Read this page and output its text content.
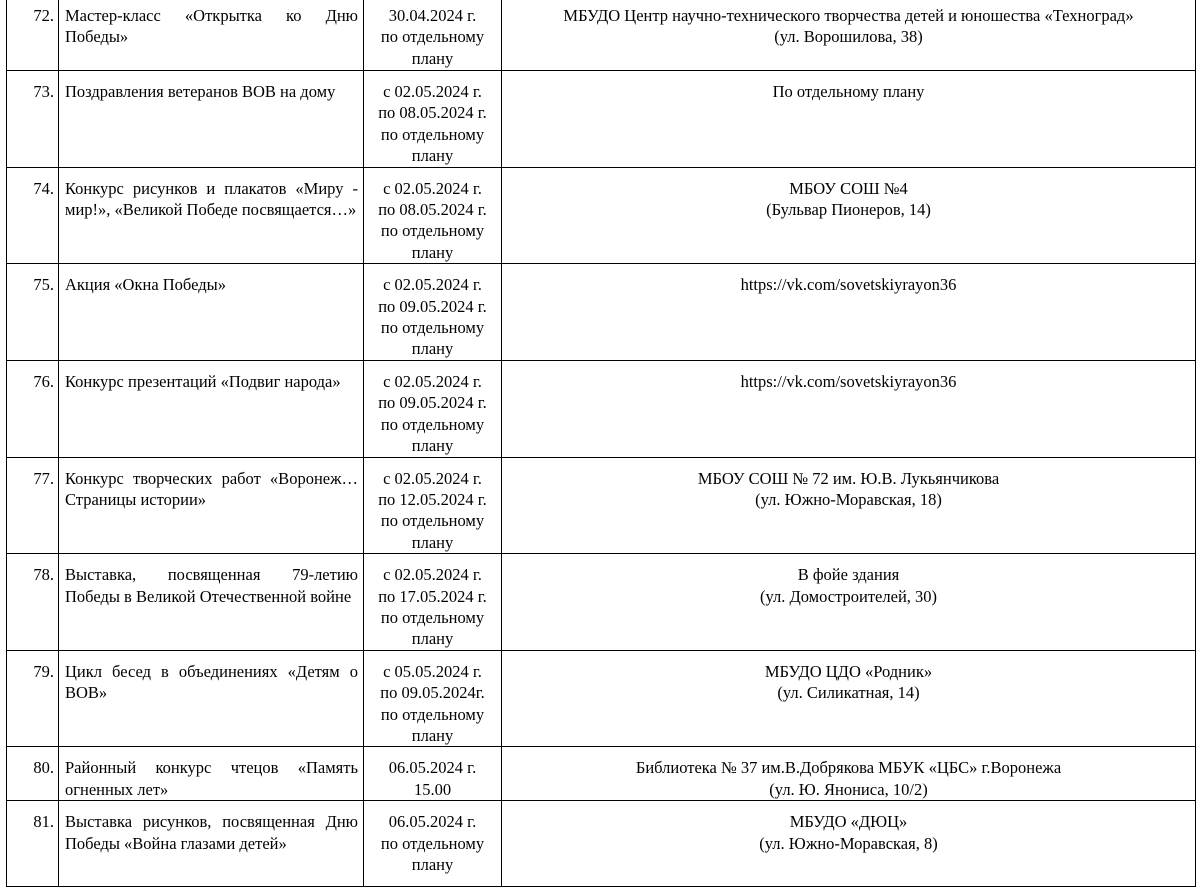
72.	Мастер-класс «Открытка ко Дню Победы»	30.04.2024 г.
по отдельному
плану	МБУДО Центр научно-технического творчества детей и юношества «Техноград»
(ул. Ворошилова, 38)

73.	Поздравления ветеранов ВОВ на дому	с 02.05.2024 г.
по 08.05.2024 г.
по отдельному
плану	По отдельному плану

74.	Конкурс рисунков и плакатов «Миру - мир!», «Великой Победе посвящается…»	с 02.05.2024 г.
по 08.05.2024 г.
по отдельному
плану	МБОУ СОШ №4
(Бульвар Пионеров, 14)

75.	Акция «Окна Победы»	с 02.05.2024 г.
по 09.05.2024 г.
по отдельному
плану	https://vk.com/sovetskiyrayon36

76.	Конкурс презентаций «Подвиг народа»	с 02.05.2024 г.
по 09.05.2024 г.
по отдельному
плану	https://vk.com/sovetskiyrayon36

77.	Конкурс творческих работ «Воронеж…Страницы истории»	с 02.05.2024 г.
по 12.05.2024 г.
по отдельному
плану	МБОУ СОШ № 72 им. Ю.В. Лукьянчикова
(ул. Южно-Моравская, 18)

78.	Выставка, посвященная 79-летию Победы в Великой Отечественной войне	с 02.05.2024 г.
по 17.05.2024 г.
по отдельному
плану	В фойе здания
(ул. Домостроителей, 30)

79.	Цикл бесед в объединениях «Детям о ВОВ»	с 05.05.2024 г.
по 09.05.2024г.
по отдельному
плану	МБУДО ЦДО «Родник»
(ул. Силикатная, 14)

80.	Районный конкурс чтецов «Память огненных лет»	06.05.2024 г.
15.00	Библиотека № 37 им.В.Добрякова МБУК «ЦБС» г.Воронежа
(ул. Ю. Янониса, 10/2)

81.	Выставка рисунков, посвященная Дню Победы «Война глазами детей»	06.05.2024 г.
по отдельному
плану	МБУДО «ДЮЦ»
(ул. Южно-Моравская, 8)
